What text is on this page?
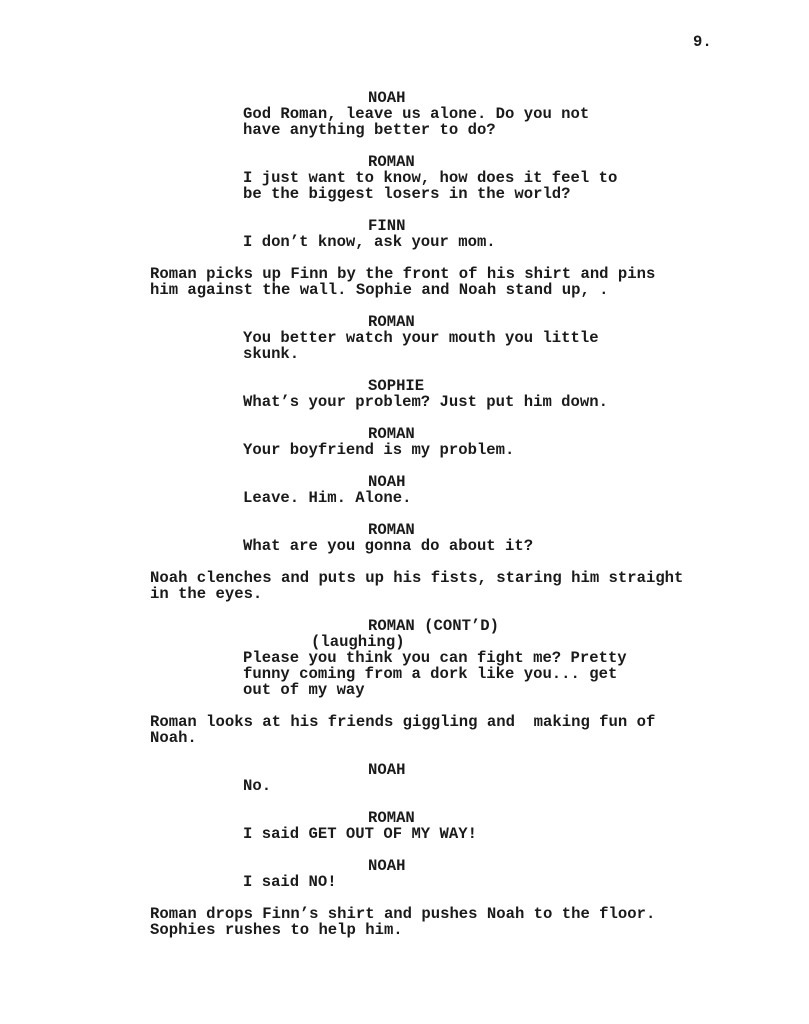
9.
NOAH
God Roman, leave us alone. Do you not
have anything better to do?
ROMAN
I just want to know, how does it feel to
be the biggest losers in the world?
FINN
I don’t know, ask your mom.
Roman picks up Finn by the front of his shirt and pins
him against the wall. Sophie and Noah stand up, .
ROMAN
You better watch your mouth you little
skunk.
SOPHIE
What’s your problem? Just put him down.
ROMAN
Your boyfriend is my problem.
NOAH
Leave. Him. Alone.
ROMAN
What are you gonna do about it?
Noah clenches and puts up his fists, staring him straight
in the eyes.
ROMAN (CONT’D)
(laughing)
Please you think you can fight me? Pretty
funny coming from a dork like you... get
out of my way
Roman looks at his friends giggling and  making fun of
Noah.
NOAH
No.
ROMAN
I said GET OUT OF MY WAY!
NOAH
I said NO!
Roman drops Finn’s shirt and pushes Noah to the floor.
Sophies rushes to help him.
